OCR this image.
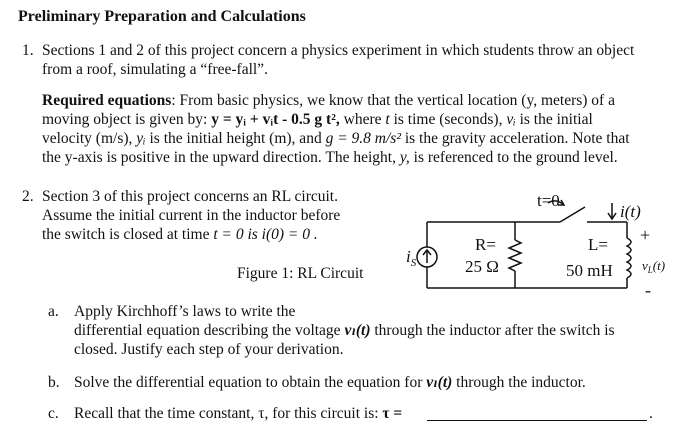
Preliminary Preparation and Calculations
1. Sections 1 and 2 of this project concern a physics experiment in which students throw an object
from a roof, simulating a “free-fall”.
Required equations: From basic physics, we know that the vertical location (y, meters) of a
moving object is given by: y = yᵢ + vᵢt - 0.5 g t², where t is time (seconds), vᵢ is the initial
velocity (m/s), yᵢ is the initial height (m), and g = 9.8 m/s² is the gravity acceleration. Note that
the y-axis is positive in the upward direction. The height, y, is referenced to the ground level.
2. Section 3 of this project concerns an RL circuit.
Assume the initial current in the inductor before
the switch is closed at time t = 0 is i(0) = 0 .
Figure 1: RL Circuit
t=0
$i_S$
R=
25 Ω
L=
50 mH
i(t)
+
$v_L(t)$
-
a. Apply Kirchhoff’s laws to write the
differential equation describing the voltage vₗ(t) through the inductor after the switch is
closed. Justify each step of your derivation.
b. Solve the differential equation to obtain the equation for vₗ(t) through the inductor.
c. Recall that the time constant, τ, for this circuit is: τ =	.
